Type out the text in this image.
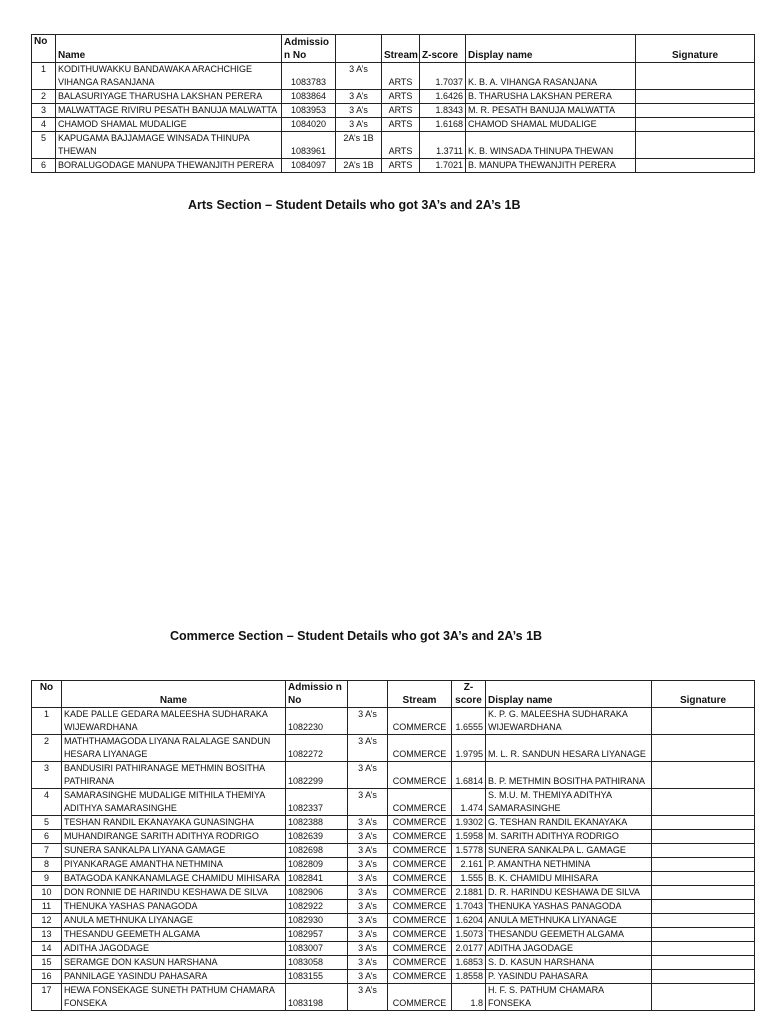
No	Name	Admissio n No		Stream	Z-score	Display name	Signature
1	KODITHUWAKKU BANDAWAKA ARACHCHIGE VIHANGA RASANJANA	1083783	3 A’s	ARTS	1.7037	K. B. A. VIHANGA RASANJANA	
2	BALASURIYAGE THARUSHA LAKSHAN PERERA	1083864	3 A’s	ARTS	1.6426	B. THARUSHA LAKSHAN PERERA	
3	MALWATTAGE RIVIRU PESATH BANUJA MALWATTA	1083953	3 A’s	ARTS	1.8343	M. R. PESATH BANUJA MALWATTA	
4	CHAMOD SHAMAL MUDALIGE	1084020	3 A’s	ARTS	1.6168	CHAMOD SHAMAL MUDALIGE	
5	KAPUGAMA BAJJAMAGE WINSADA THINUPA THEWAN	1083961	2A’s 1B	ARTS	1.3711	K. B. WINSADA THINUPA THEWAN	
6	BORALUGODAGE MANUPA THEWANJITH PERERA	1084097	2A’s 1B	ARTS	1.7021	B. MANUPA THEWANJITH PERERA	
Arts Section – Student Details who got 3A’s and 2A’s 1B
Commerce Section – Student Details who got 3A’s and 2A’s 1B
No	Name	Admissio n No		Stream	Z- score	Display name	Signature
1	KADE PALLE GEDARA MALEESHA SUDHARAKA WIJEWARDHANA	1082230	3 A’s	COMMERCE	1.6555	K. P. G. MALEESHA SUDHARAKA WIJEWARDHANA	
2	MATHTHAMAGODA LIYANA RALALAGE SANDUN HESARA LIYANAGE	1082272	3 A’s	COMMERCE	1.9795	M. L. R. SANDUN HESARA LIYANAGE	
3	BANDUSIRI PATHIRANAGE METHMIN BOSITHA PATHIRANA	1082299	3 A’s	COMMERCE	1.6814	B. P. METHMIN BOSITHA PATHIRANA	
4	SAMARASINGHE MUDALIGE MITHILA THEMIYA ADITHYA SAMARASINGHE	1082337	3 A’s	COMMERCE	1.474	S. M.U. M. THEMIYA ADITHYA SAMARASINGHE	
5	TESHAN RANDIL EKANAYAKA GUNASINGHA	1082388	3 A’s	COMMERCE	1.9302	G. TESHAN RANDIL EKANAYAKA	
6	MUHANDIRANGE SARITH ADITHYA RODRIGO	1082639	3 A’s	COMMERCE	1.5958	M. SARITH ADITHYA RODRIGO	
7	SUNERA SANKALPA LIYANA GAMAGE	1082698	3 A’s	COMMERCE	1.5778	SUNERA SANKALPA L. GAMAGE	
8	PIYANKARAGE AMANTHA NETHMINA	1082809	3 A’s	COMMERCE	2.161	P. AMANTHA NETHMINA	
9	BATAGODA KANKANAMLAGE CHAMIDU MIHISARA	1082841	3 A’s	COMMERCE	1.555	B. K. CHAMIDU MIHISARA	
10	DON RONNIE DE HARINDU KESHAWA DE SILVA	1082906	3 A’s	COMMERCE	2.1881	D. R. HARINDU KESHAWA DE SILVA	
11	THENUKA YASHAS PANAGODA	1082922	3 A’s	COMMERCE	1.7043	THENUKA YASHAS PANAGODA	
12	ANULA METHNUKA LIYANAGE	1082930	3 A’s	COMMERCE	1.6204	ANULA METHNUKA LIYANAGE	
13	THESANDU GEEMETH ALGAMA	1082957	3 A’s	COMMERCE	1.5073	THESANDU GEEMETH ALGAMA	
14	ADITHA JAGODAGE	1083007	3 A’s	COMMERCE	2.0177	ADITHA JAGODAGE	
15	SERAMGE DON KASUN HARSHANA	1083058	3 A’s	COMMERCE	1.6853	S. D. KASUN HARSHANA	
16	PANNILAGE YASINDU PAHASARA	1083155	3 A’s	COMMERCE	1.8558	P. YASINDU PAHASARA	
17	HEWA FONSEKAGE SUNETH PATHUM CHAMARA FONSEKA	1083198	3 A’s	COMMERCE	1.8	H. F. S. PATHUM CHAMARA FONSEKA	
